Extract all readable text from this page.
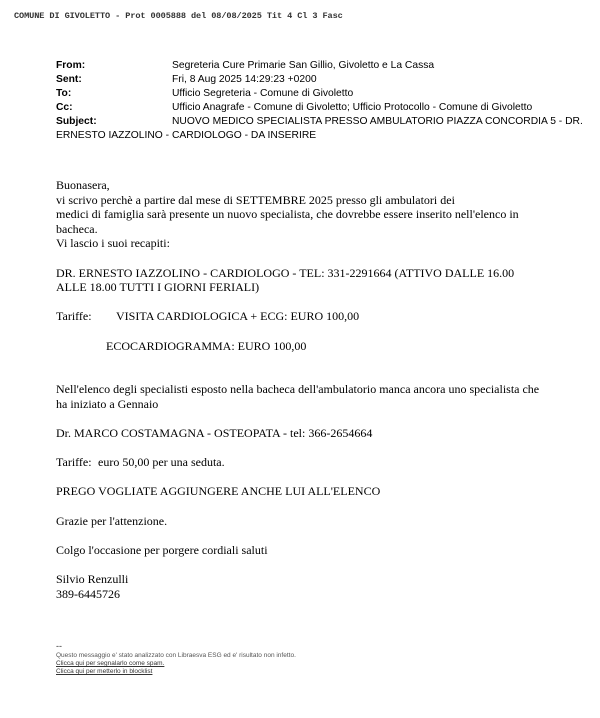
COMUNE DI GIVOLETTO - Prot 0005888 del 08/08/2025 Tit 4 Cl 3 Fasc
From:	Segreteria Cure Primarie San Gillio, Givoletto e La Cassa
Sent:	Fri, 8 Aug 2025 14:29:23 +0200
To:	Ufficio Segreteria - Comune di Givoletto
Cc:	Ufficio Anagrafe - Comune di Givoletto; Ufficio Protocollo - Comune di Givoletto
Subject:	NUOVO MEDICO SPECIALISTA PRESSO AMBULATORIO PIAZZA CONCORDIA 5 - DR.
ERNESTO IAZZOLINO - CARDIOLOGO - DA INSERIRE

Buonasera,

vi scrivo perchè a partire dal mese di SETTEMBRE 2025 presso gli ambulatori dei

medici di famiglia sarà presente un nuovo specialista, che dovrebbe essere inserito nell'elenco in

bacheca.

Vi lascio i suoi recapiti:

DR. ERNESTO IAZZOLINO - CARDIOLOGO - TEL: 331-2291664 (ATTIVO DALLE 16.00

ALLE 18.00 TUTTI I GIORNI FERIALI)

Tariffe:	VISITA CARDIOLOGICA + ECG: EURO 100,00

ECOCARDIOGRAMMA: EURO 100,00

Nell'elenco degli specialisti esposto nella bacheca dell'ambulatorio manca ancora uno specialista che

ha iniziato a Gennaio

Dr. MARCO COSTAMAGNA - OSTEOPATA - tel: 366-2654664

Tariffe: euro 50,00 per una seduta.

PREGO VOGLIATE AGGIUNGERE ANCHE LUI ALL'ELENCO

Grazie per l'attenzione.

Colgo l'occasione per porgere cordiali saluti

Silvio Renzulli

389-6445726

--
Questo messaggio e' stato analizzato con Libraesva ESG ed e' risultato non infetto.
Clicca qui per segnalarlo come spam.
Clicca qui per metterlo in blocklist
